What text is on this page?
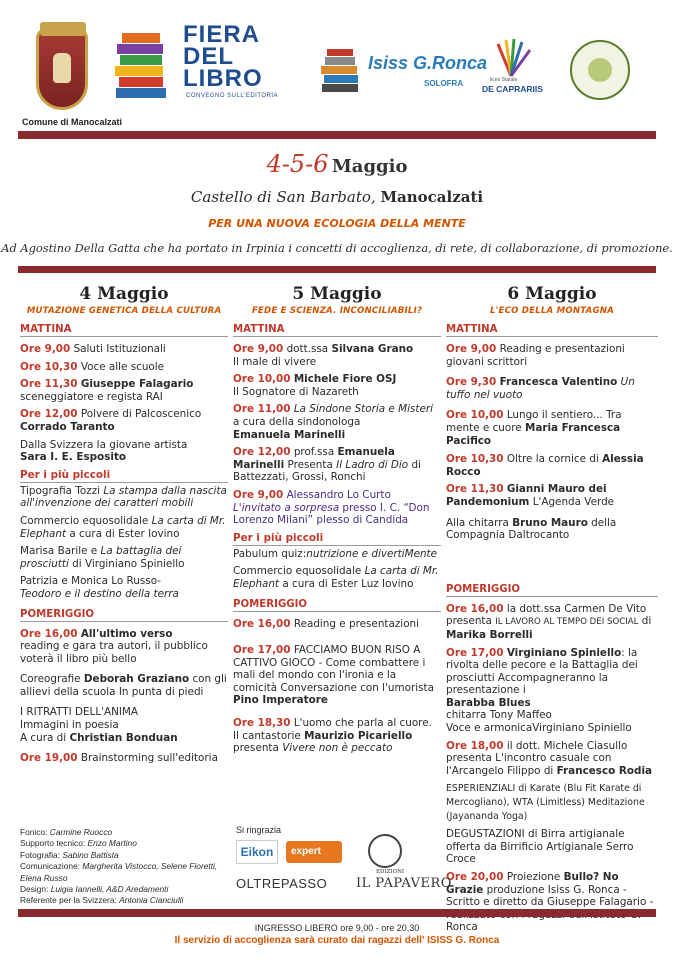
Comune di Manocalzati
FIERA
DEL
LIBRO
CONVEGNO SULL'EDITORIA
Isiss G.Ronca
SOLOFRA	liceo Statale
DE CAPRARIIS
4-5-6 Maggio
Castello di San Barbato, Manocalzati
PER UNA NUOVA ECOLOGIA DELLA MENTE
Ad Agostino Della Gatta che ha portato in Irpinia i concetti di accoglienza, di rete, di collaborazione, di promozione.
4 Maggio
MUTAZIONE GENETICA DELLA CULTURA
MATTINA
Ore 9,00 Saluti Istituzionali
Ore 10,30 Voce alle scuole
Ore 11,30 Giuseppe Falagario
sceneggiatore e regista RAI
Ore 12,00 Polvere di Palcoscenico
Corrado Taranto
Dalla Svizzera la giovane artista
Sara I. E. Esposito
Per i più piccoli
Tipografia Tozzi La stampa dalla nascita all'invenzione dei caratteri mobili
Commercio equosolidale La carta di Mr. Elephant a cura di Ester Iovino
Marisa Barile e La battaglia dei prosciutti di Virginiano Spiniello
Patrizia e Monica Lo Russo-
Teodoro e il destino della terra
POMERIGGIO
Ore 16,00 All'ultimo verso
reading e gara tra autori, il pubblico voterà il libro più bello
Coreografie Deborah Graziano con gli allievi della scuola In punta di piedi
I RITRATTI DELL'ANIMA
Immagini in poesia
A cura di Christian Bonduan
Ore 19,00 Brainstorming sull'editoria
5 Maggio
FEDE E SCIENZA. INCONCILIABILI?
MATTINA
Ore 9,00 dott.ssa Silvana Grano
Il male di vivere
Ore 10,00 Michele Fiore OSJ
Il Sognatore di Nazareth
Ore 11,00 La Sindone Storia e Misteri a cura della sindonologa
Emanuela Marinelli
Ore 12,00 prof.ssa Emanuela Marinelli Presenta Il Ladro di Dio di Battezzati, Grossi, Ronchi
Ore 9,00 Alessandro Lo Curto
L'invitato a sorpresa presso I. C. “Don Lorenzo Milani” plesso di Candida
Per i più piccoli
Pabulum quiz:nutrizione e divertiMente
Commercio equosolidale La carta di Mr. Elephant a cura di Ester Luz Iovino
POMERIGGIO
Ore 16,00 Reading e presentazioni
Ore 17,00 FACCIAMO BUON RISO A CATTIVO GIOCO - Come combattere i mali del mondo con l'ironia e la comicità Conversazione con l'umorista
Pino Imperatore
Ore 18,30 L'uomo che parla al cuore. Il cantastorie Maurizio Picariello presenta Vivere non è peccato
6 Maggio
L'ECO DELLA MONTAGNA
MATTINA
Ore 9,00 Reading e presentazioni giovani scrittori
Ore 9,30 Francesca Valentino Un tuffo nel vuoto
Ore 10,00 Lungo il sentiero... Tra mente e cuore Maria Francesca Pacifico
Ore 10,30 Oltre la cornice di Alessia Rocco
Ore 11,30 Gianni Mauro dei Pandemonium L'Agenda Verde
Alla chitarra Bruno Mauro della Compagnia Daltrocanto
POMERIGGIO
Ore 16,00 la dott.ssa Carmen De Vito presenta IL LAVORO AL TEMPO DEI SOCIAL di Marika Borrelli
Ore 17,00 Virginiano Spiniello: la rivolta delle pecore e la Battaglia dei prosciutti Accompagneranno la presentazione i
Barabba Blues
chitarra Tony Maffeo
Voce e armonicaVirginiano Spiniello
Ore 18,00 il dott. Michele Ciasullo presenta L'incontro casuale con l'Arcangelo Filippo di Francesco Rodia
ESPERIENZIALI di Karate (Blu Fit Karate di Mercogliano), WTA (Limitless) Meditazione (Jayananda Yoga)
DEGUSTAZIONI di Birra artigianale offerta da Birrificio Artigianale Serro Croce
Ore 20,00 Proiezione Bullo? No Grazie produzione Isiss G. Ronca - Scritto e diretto da Giuseppe Falagario - Ronca
Fonico: Carmine Ruocco
Supporto tecnico: Enzo Martino
Fotografia: Sabino Battista
Comunicazione: Margherita Vistocco, Selene Fioretti, Elena Russo
Design: Luigia Iannelli, A&D Aredamenti
Referente per la Svizzera: Antonia Cianciulli
Si ringrazia
Eikon	expert
OLTREPASSO
EDIZIONI
IL PAPAVERO
INGRESSO LIBERO ore 9,00 - ore 20,30
Il servizio di accoglienza sarà curato dai ragazzi dell' ISISS G. Ronca
